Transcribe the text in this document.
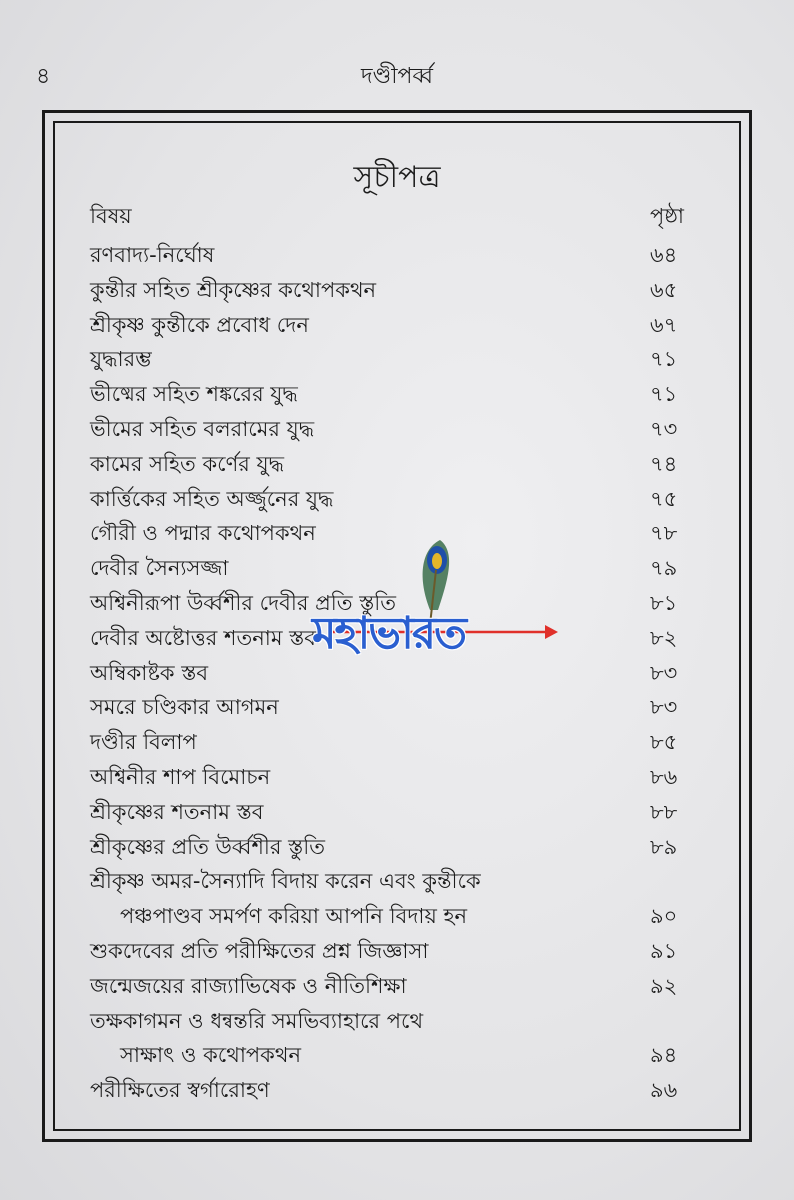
৪	দণ্ডীপর্ব্ব
সূচীপত্র
বিষয়	পৃষ্ঠা
রণবাদ্য-নির্ঘোষ	৬৪
কুন্তীর সহিত শ্রীকৃষ্ণের কথোপকথন	৬৫
শ্রীকৃষ্ণ কুন্তীকে প্রবোধ দেন	৬৭
যুদ্ধারম্ভ	৭১
ভীষ্মের সহিত শঙ্করের যুদ্ধ	৭১
ভীমের সহিত বলরামের যুদ্ধ	৭৩
কামের সহিত কর্ণের যুদ্ধ	৭৪
কার্ত্তিকের সহিত অর্জ্জুনের যুদ্ধ	৭৫
গৌরী ও পদ্মার কথোপকথন	৭৮
দেবীর সৈন্যসজ্জা	৭৯
অশ্বিনীরূপা উর্ব্বশীর দেবীর প্রতি স্তুতি	৮১
দেবীর অষ্টোত্তর শতনাম স্তব	৮২
অম্বিকাষ্টক স্তব	৮৩
সমরে চণ্ডিকার আগমন	৮৩
দণ্ডীর বিলাপ	৮৫
অশ্বিনীর শাপ বিমোচন	৮৬
শ্রীকৃষ্ণের শতনাম স্তব	৮৮
শ্রীকৃষ্ণের প্রতি উর্ব্বশীর স্তুতি	৮৯
শ্রীকৃষ্ণ অমর-সৈন্যাদি বিদায় করেন এবং কুন্তীকে
পঞ্চপাণ্ডব সমর্পণ করিয়া আপনি বিদায় হন	৯০
শুকদেবের প্রতি পরীক্ষিতের প্রশ্ন জিজ্ঞাসা	৯১
জন্মেজয়ের রাজ্যাভিষেক ও নীতিশিক্ষা	৯২
তক্ষকাগমন ও ধন্বন্তরি সমভিব্যাহারে পথে
সাক্ষাৎ ও কথোপকথন	৯৪
পরীক্ষিতের স্বর্গারোহণ	৯৬
মহাভারত
